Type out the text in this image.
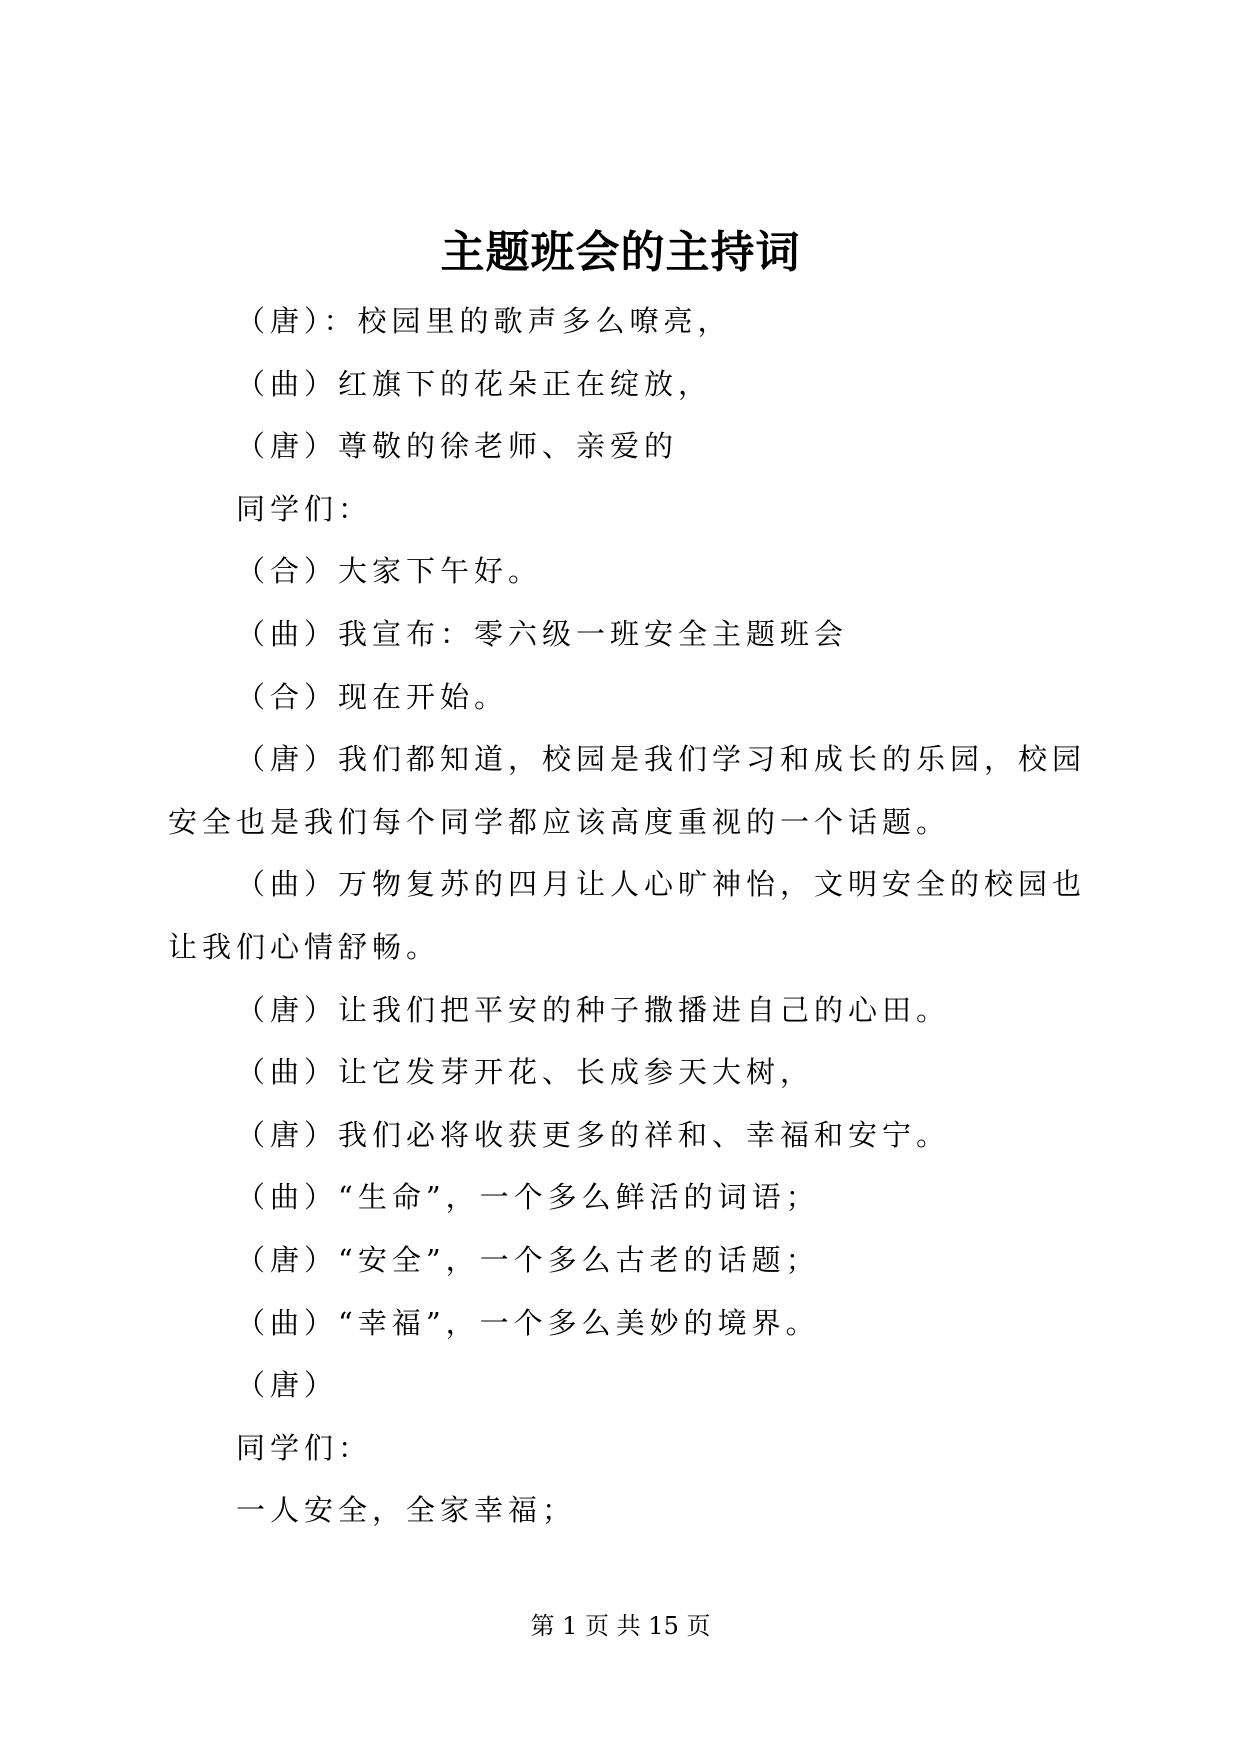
主题班会的主持词

（唐）：校园里的歌声多么嘹亮，

（曲）红旗下的花朵正在绽放，

（唐）尊敬的徐老师、亲爱的

同学们：

（合）大家下午好。

（曲）我宣布：零六级一班安全主题班会

（合）现在开始。

（唐）我们都知道，校园是我们学习和成长的乐园，校园安全也是我们每个同学都应该高度重视的一个话题。

（曲）万物复苏的四月让人心旷神怡，文明安全的校园也让我们心情舒畅。

（唐）让我们把平安的种子撒播进自己的心田。

（曲）让它发芽开花、长成参天大树，

（唐）我们必将收获更多的祥和、幸福和安宁。

（曲）“生命”，一个多么鲜活的词语；

（唐）“安全”，一个多么古老的话题；

（曲）“幸福”，一个多么美妙的境界。

（唐）

同学们：

一人安全，全家幸福；

第 1 页 共 15 页
